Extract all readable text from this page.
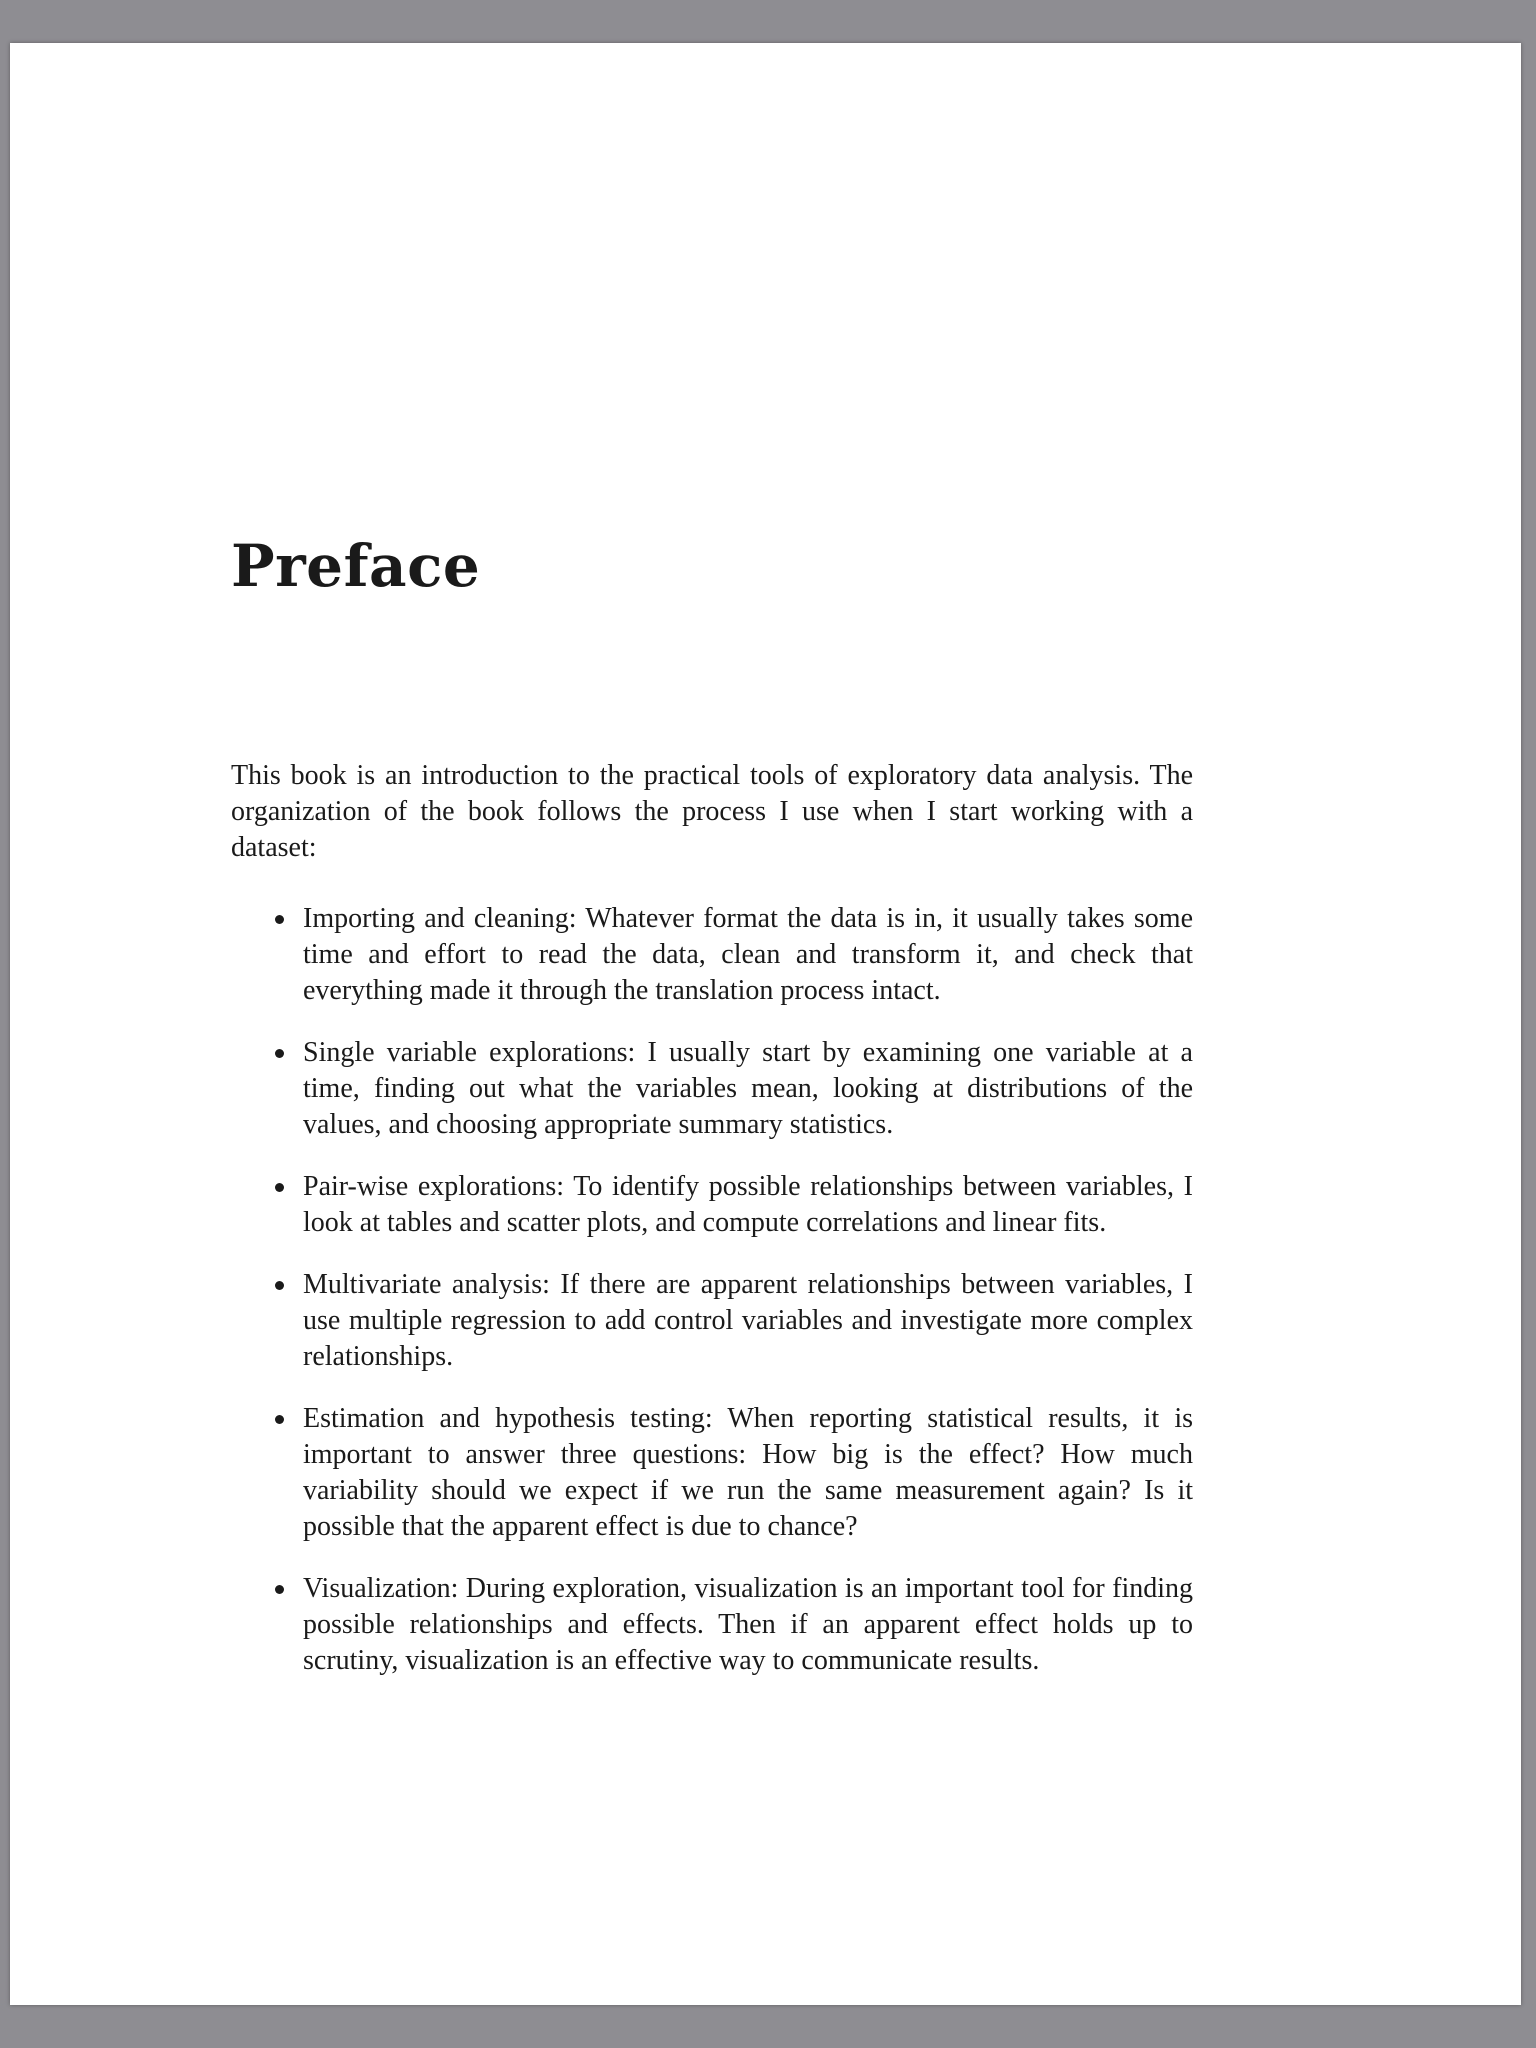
Preface

This book is an introduction to the practical tools of exploratory data analysis. The organization of the book follows the process I use when I start working with a dataset:

Importing and cleaning: Whatever format the data is in, it usually takes some time and effort to read the data, clean and transform it, and check that everything made it through the translation process intact.
Single variable explorations: I usually start by examining one variable at a time, finding out what the variables mean, looking at distributions of the values, and choosing appropriate summary statistics.
Pair-wise explorations: To identify possible relationships between variables, I look at tables and scatter plots, and compute correlations and linear fits.
Multivariate analysis: If there are apparent relationships between variables, I use multiple regression to add control variables and investigate more complex relationships.
Estimation and hypothesis testing: When reporting statistical results, it is important to answer three questions: How big is the effect? How much variability should we expect if we run the same measurement again? Is it possible that the apparent effect is due to chance?
Visualization: During exploration, visualization is an important tool for finding possible relationships and effects. Then if an apparent effect holds up to scrutiny, visualization is an effective way to communicate results.
